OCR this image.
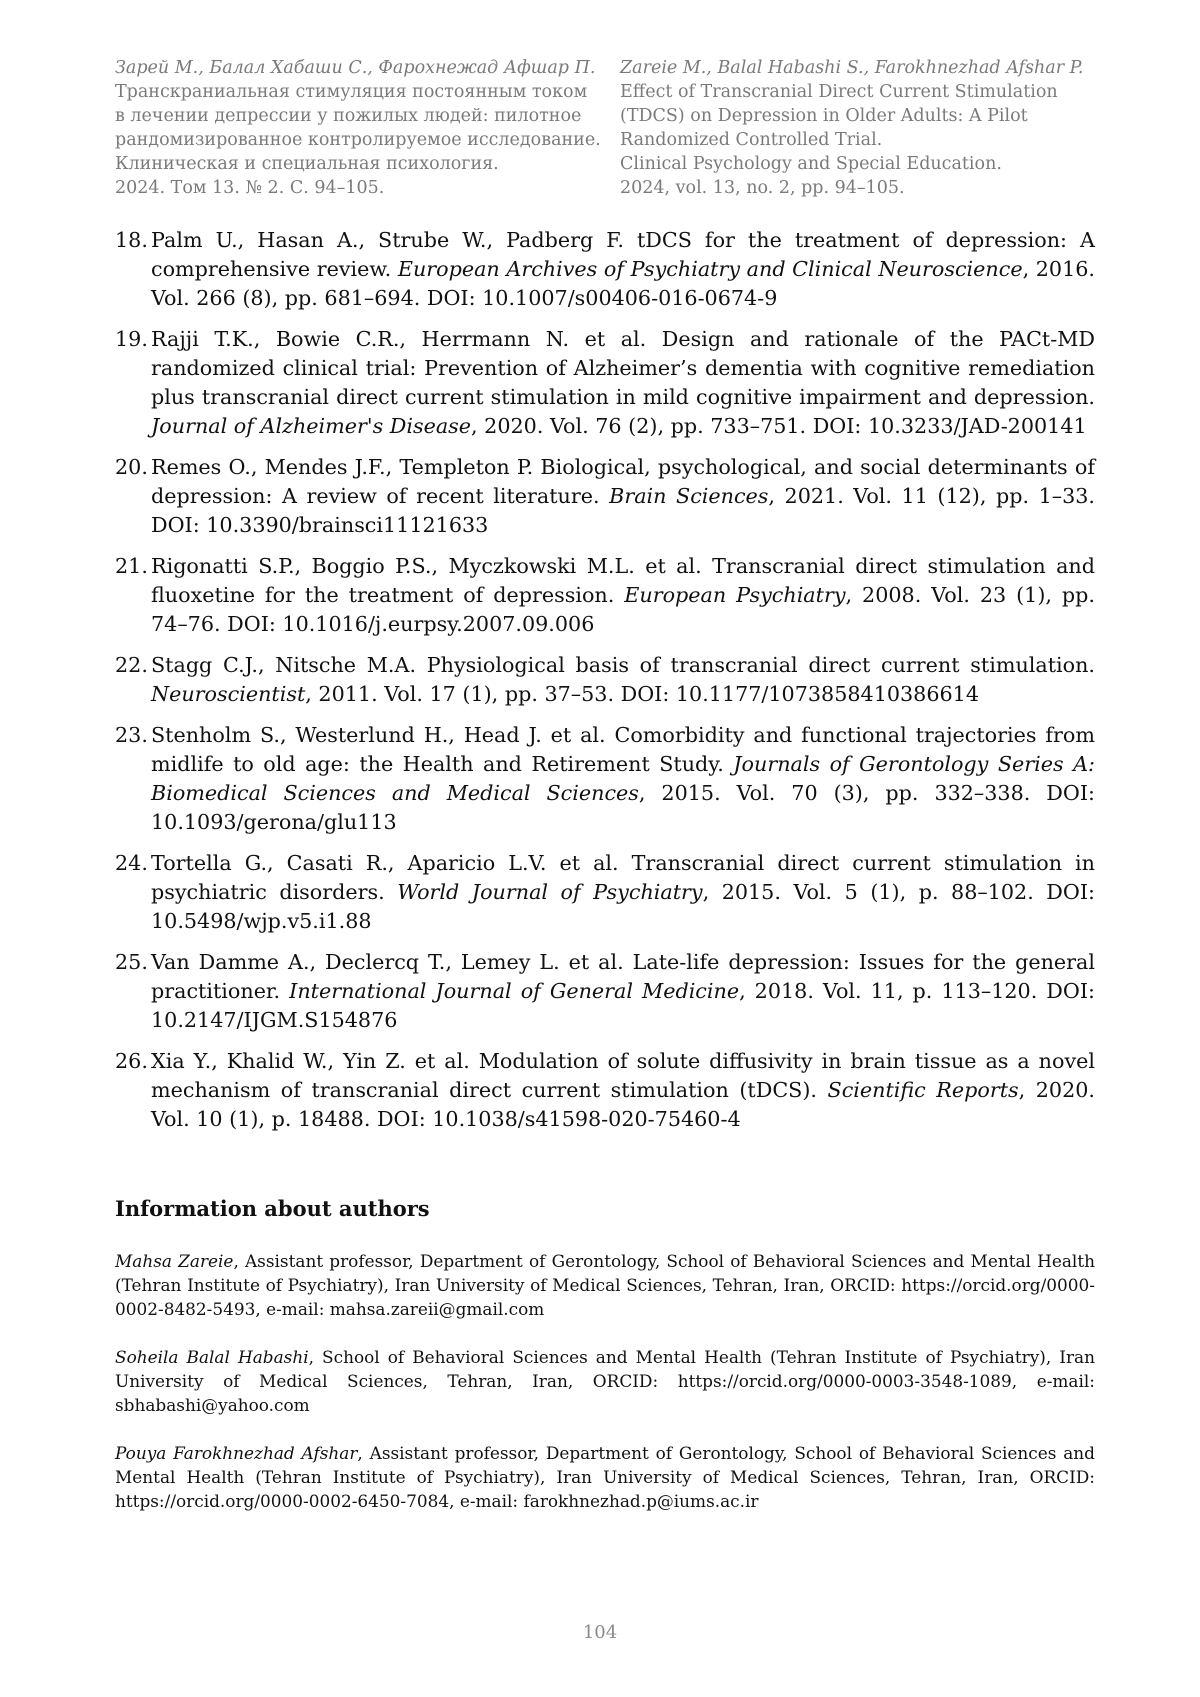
Зарей М., Балал Хабаши С., Фарохнежад Афшар П.
Транскраниальная стимуляция постоянным током
в лечении депрессии у пожилых людей: пилотное
рандомизированное контролируемое исследование.
Клиническая и специальная психология.
2024. Том 13. № 2. С. 94–105.
Zareie M., Balal Habashi S., Farokhnezhad Afshar P.
Effect of Transcranial Direct Current Stimulation
(TDCS) on Depression in Older Adults: A Pilot
Randomized Controlled Trial.
Clinical Psychology and Special Education.
2024, vol. 13, no. 2, pp. 94–105.
18. Palm U., Hasan A., Strube W., Padberg F. tDCS for the treatment of depression: A comprehensive review. European Archives of Psychiatry and Clinical Neuroscience, 2016. Vol. 266 (8), pp. 681–694. DOI: 10.1007/s00406-016-0674-9
19. Rajji T.K., Bowie C.R., Herrmann N. et al. Design and rationale of the PACt-MD randomized clinical trial: Prevention of Alzheimer’s dementia with cognitive remediation plus transcranial direct current stimulation in mild cognitive impairment and depression. Journal of Alzheimer's Disease, 2020. Vol. 76 (2), pp. 733–751. DOI: 10.3233/JAD-200141
20. Remes O., Mendes J.F., Templeton P. Biological, psychological, and social determinants of depression: A review of recent literature. Brain Sciences, 2021. Vol. 11 (12), pp. 1–33. DOI: 10.3390/brainsci11121633
21. Rigonatti S.P., Boggio P.S., Myczkowski M.L. et al. Transcranial direct stimulation and fluoxetine for the treatment of depression. European Psychiatry, 2008. Vol. 23 (1), pp. 74–76. DOI: 10.1016/j.eurpsy.2007.09.006
22. Stagg C.J., Nitsche M.A. Physiological basis of transcranial direct current stimulation. Neuroscientist, 2011. Vol. 17 (1), pp. 37–53. DOI: 10.1177/1073858410386614
23. Stenholm S., Westerlund H., Head J. et al. Comorbidity and functional trajectories from midlife to old age: the Health and Retirement Study. Journals of Gerontology Series A: Biomedical Sciences and Medical Sciences, 2015. Vol. 70 (3), pp. 332–338. DOI: 10.1093/gerona/glu113
24. Tortella G., Casati R., Aparicio L.V. et al. Transcranial direct current stimulation in psychiatric disorders. World Journal of Psychiatry, 2015. Vol. 5 (1), p. 88–102. DOI: 10.5498/wjp.v5.i1.88
25. Van Damme A., Declercq T., Lemey L. et al. Late-life depression: Issues for the general practitioner. International Journal of General Medicine, 2018. Vol. 11, p. 113–120. DOI: 10.2147/IJGM.S154876
26. Xia Y., Khalid W., Yin Z. et al. Modulation of solute diffusivity in brain tissue as a novel mechanism of transcranial direct current stimulation (tDCS). Scientific Reports, 2020. Vol. 10 (1), p. 18488. DOI: 10.1038/s41598-020-75460-4
Information about authors

Mahsa Zareie, Assistant professor, Department of Gerontology, School of Behavioral Sciences and Mental Health (Tehran Institute of Psychiatry), Iran University of Medical Sciences, Tehran, Iran, ORCID: https://orcid.org/0000-0002-8482-5493, e-mail: mahsa.zareii@gmail.com

Soheila Balal Habashi, School of Behavioral Sciences and Mental Health (Tehran Institute of Psychiatry), Iran University of Medical Sciences, Tehran, Iran, ORCID: https://orcid.org/0000-0003-3548-1089, e-mail: sbhabashi@yahoo.com

Pouya Farokhnezhad Afshar, Assistant professor, Department of Gerontology, School of Behavioral Sciences and Mental Health (Tehran Institute of Psychiatry), Iran University of Medical Sciences, Tehran, Iran, ORCID: https://orcid.org/0000-0002-6450-7084, e-mail: farokhnezhad.p@iums.ac.ir

104
